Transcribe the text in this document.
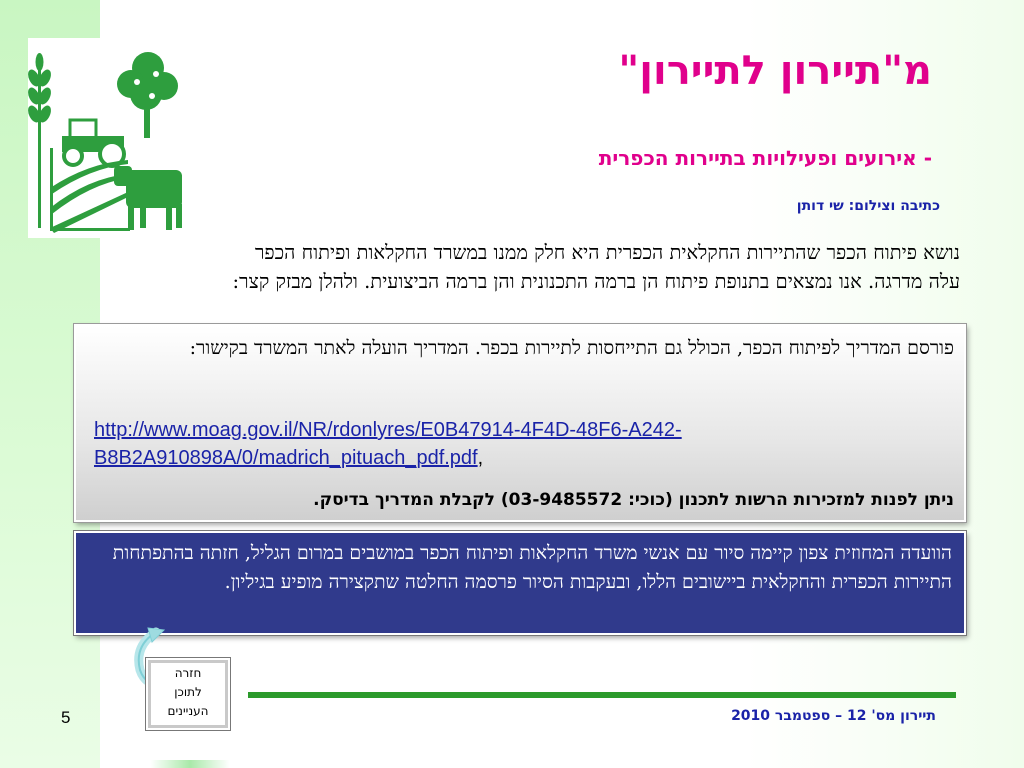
מ"תיירון לתיירון"
- אירועים ופעילויות בתיירות הכפרית
כתיבה וצילום: שי דותן
נושא פיתוח הכפר שהתיירות החקלאית הכפרית היא חלק ממנו במשרד החקלאות ופיתוח הכפר עלה מדרגה. אנו נמצאים בתנופת פיתוח הן ברמה התכנונית והן ברמה הביצועית. ולהלן מבזק קצר:
פורסם המדריך לפיתוח הכפר, הכולל גם התייחסות לתיירות בכפר. המדריך הועלה לאתר המשרד בקישור:
http://www.moag.gov.il/NR/rdonlyres/E0B47914-4F4D-48F6-A242-
B8B2A910898A/0/madrich_pituach_pdf.pdf,
ניתן לפנות למזכירות הרשות לתכנון (כוכי: 03-9485572) לקבלת המדריך בדיסק.
הוועדה המחוזית צפון קיימה סיור עם אנשי משרד החקלאות ופיתוח הכפר במושבים במרום הגליל, חזתה בהתפתחות התיירות הכפרית והחקלאית ביישובים הללו, ובעקבות הסיור פרסמה החלטה שתקצירה מופיע בגיליון.
חזרה
לתוכן
העניינים	תיירון מס' 12 – ספטמבר 2010
5
